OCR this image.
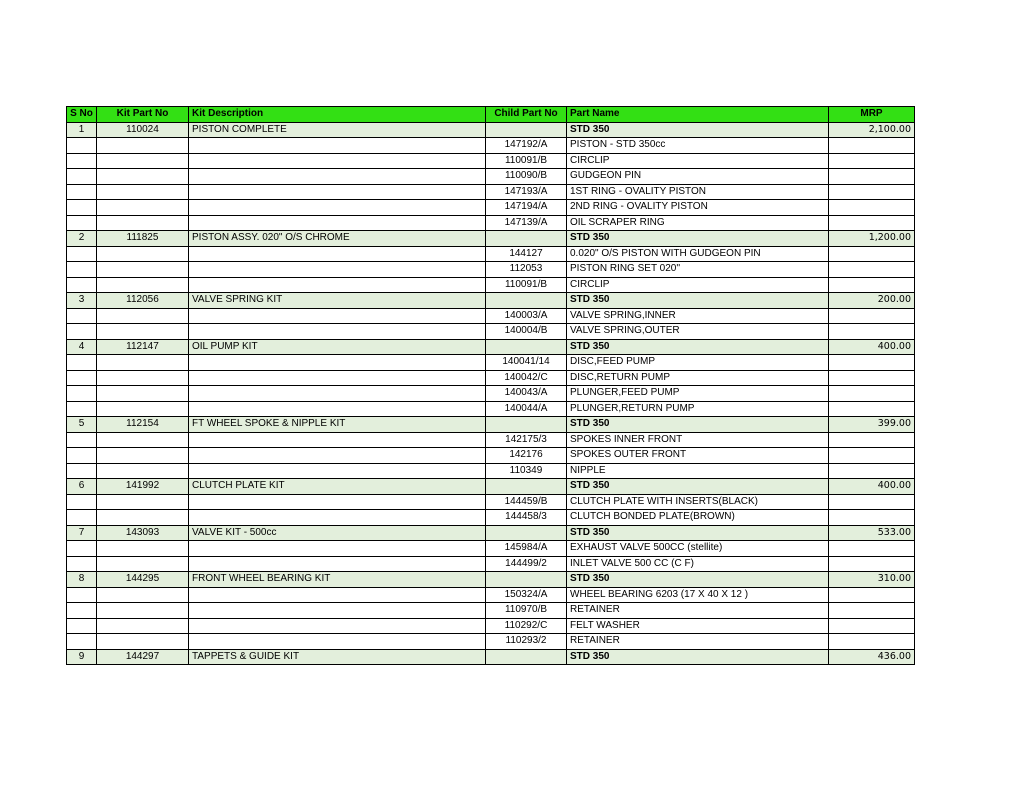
S No	Kit Part No	Kit Description	Child Part No	Part Name	MRP
1	110024	PISTON COMPLETE		STD 350	2,100.00
			147192/A	PISTON - STD 350cc	
			110091/B	CIRCLIP	
			110090/B	GUDGEON PIN	
			147193/A	1ST RING - OVALITY PISTON	
			147194/A	2ND RING - OVALITY PISTON	
			147139/A	OIL SCRAPER RING	
2	111825	PISTON ASSY. 020" O/S CHROME		STD 350	1,200.00
			144127	0.020" O/S PISTON WITH GUDGEON PIN	
			112053	PISTON RING SET 020''	
			110091/B	CIRCLIP	
3	112056	VALVE SPRING KIT		STD 350	200.00
			140003/A	VALVE SPRING,INNER	
			140004/B	VALVE SPRING,OUTER	
4	112147	OIL PUMP KIT		STD 350	400.00
			140041/14	DISC,FEED PUMP	
			140042/C	DISC,RETURN PUMP	
			140043/A	PLUNGER,FEED PUMP	
			140044/A	PLUNGER,RETURN PUMP	
5	112154	FT WHEEL SPOKE & NIPPLE KIT		STD 350	399.00
			142175/3	SPOKES INNER FRONT	
			142176	SPOKES OUTER FRONT	
			110349	NIPPLE	
6	141992	CLUTCH PLATE KIT		STD 350	400.00
			144459/B	CLUTCH PLATE WITH INSERTS(BLACK)	
			144458/3	CLUTCH BONDED PLATE(BROWN)	
7	143093	VALVE KIT - 500cc		STD 350	533.00
			145984/A	EXHAUST VALVE 500CC (stellite)	
			144499/2	INLET VALVE 500 CC (C F)	
8	144295	FRONT WHEEL BEARING KIT		STD 350	310.00
			150324/A	WHEEL BEARING 6203 (17 X 40 X 12 )	
			110970/B	RETAINER	
			110292/C	FELT WASHER	
			110293/2	RETAINER	
9	144297	TAPPETS & GUIDE KIT		STD 350	436.00
